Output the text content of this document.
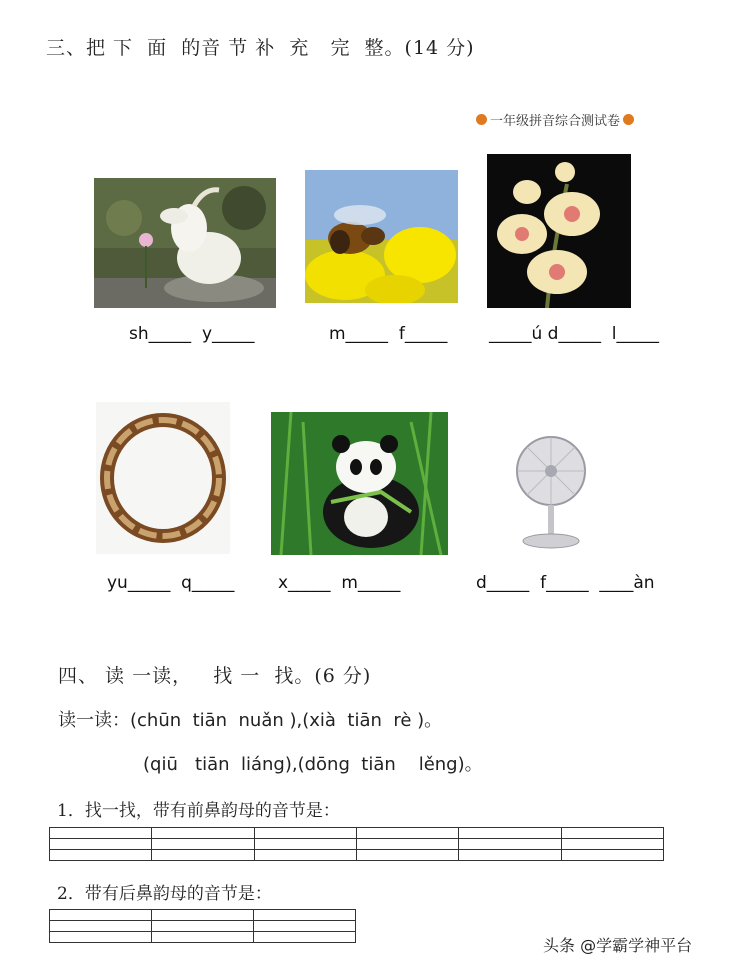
三、把 下  面  的音 节 补  充   完  整。(14 分)
一年级拼音综合测试卷
sh_____  y_____	m_____  f_____ _____ú d_____  l_____
yu_____  q_____	x_____  m_____	d_____  f_____  ____àn
四、 读 一读，   找 一  找。(6 分)
读一读：(chūn  tiān  nuǎn ),(xià  tiān  rè )。
(qiū   tiān  liáng),(dōng  tiān    lěng)。
1．找一找，带有前鼻韵母的音节是：

2．带有后鼻韵母的音节是：

头条 @学霸学神平台
